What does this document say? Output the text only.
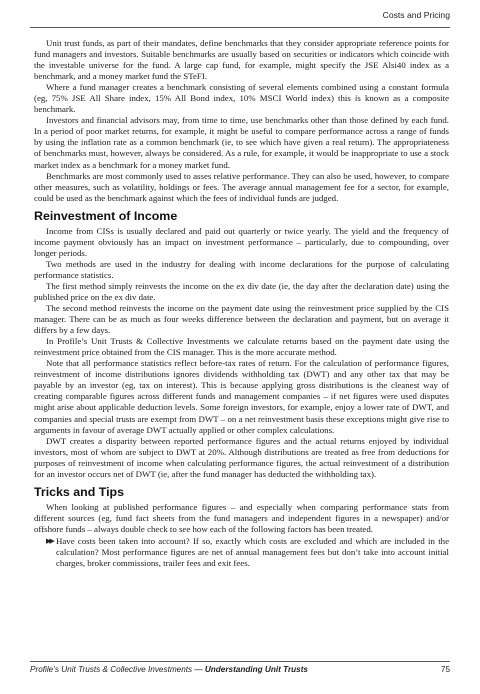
Costs and Pricing

Unit trust funds, as part of their mandates, define benchmarks that they consider appropriate reference points for fund managers and investors. Suitable benchmarks are usually based on securities or indicators which coincide with the investable universe for the fund. A large cap fund, for example, might specify the JSE Alsi40 index as a benchmark, and a money market fund the STeFI.

Where a fund manager creates a benchmark consisting of several elements combined using a constant formula (eg, 75% JSE All Share index, 15% All Bond index, 10% MSCI World index) this is known as a composite benchmark.

Investors and financial advisors may, from time to time, use benchmarks other than those defined by each fund. In a period of poor market returns, for example, it might be useful to compare performance across a range of funds by using the inflation rate as a common benchmark (ie, to see which have given a real return). The appropriateness of benchmarks must, however, always be considered. As a rule, for example, it would be inappropriate to use a stock market index as a benchmark for a money market fund.

Benchmarks are most commonly used to asses relative performance. They can also be used, however, to compare other measures, such as volatility, holdings or fees. The average annual management fee for a sector, for example, could be used as the benchmark against which the fees of individual funds are judged.

Reinvestment of Income

Income from CISs is usually declared and paid out quarterly or twice yearly. The yield and the frequency of income payment obviously has an impact on investment performance – particularly, due to compounding, over longer periods.

Two methods are used in the industry for dealing with income declarations for the purpose of calculating performance statistics.

The first method simply reinvests the income on the ex div date (ie, the day after the declaration date) using the published price on the ex div date.

The second method reinvests the income on the payment date using the reinvestment price supplied by the CIS manager. There can be as much as four weeks difference between the declaration and payment, but on average it differs by a few days.

In Profile’s Unit Trusts & Collective Investments we calculate returns based on the payment date using the reinvestment price obtained from the CIS manager. This is the more accurate method.

Note that all performance statistics reflect before-tax rates of return. For the calculation of performance figures, reinvestment of income distributions ignores dividends withholding tax (DWT) and any other tax that may be payable by an investor (eg, tax on interest). This is because applying gross distributions is the cleanest way of creating comparable figures across different funds and management companies – if net figures were used disputes might arise about applicable deduction levels. Some foreign investors, for example, enjoy a lower rate of DWT, and companies and special trusts are exempt from DWT – on a net reinvestment basis these exceptions might give rise to arguments in favour of average DWT actually applied or other complex calculations.

DWT creates a disparity between reported performance figures and the actual returns enjoyed by individual investors, most of whom are subject to DWT at 20%. Although distributions are treated as free from deductions for purposes of reinvestment of income when calculating performance figures, the actual reinvestment of a distribution for an investor occurs net of DWT (ie, after the fund manager has deducted the withholding tax).

Tricks and Tips

When looking at published performance figures – and especially when comparing performance stats from different sources (eg, fund fact sheets from the fund managers and independent figures in a newspaper) and/or offshore funds – always double check to see how each of the following factors has been treated.

▶▶ Have costs been taken into account? If so, exactly which costs are excluded and which are included in the calculation? Most performance figures are net of annual management fees but don’t take into account initial charges, broker commissions, trailer fees and exit fees.
Profile’s Unit Trusts & Collective Investments — Understanding Unit Trusts	75
